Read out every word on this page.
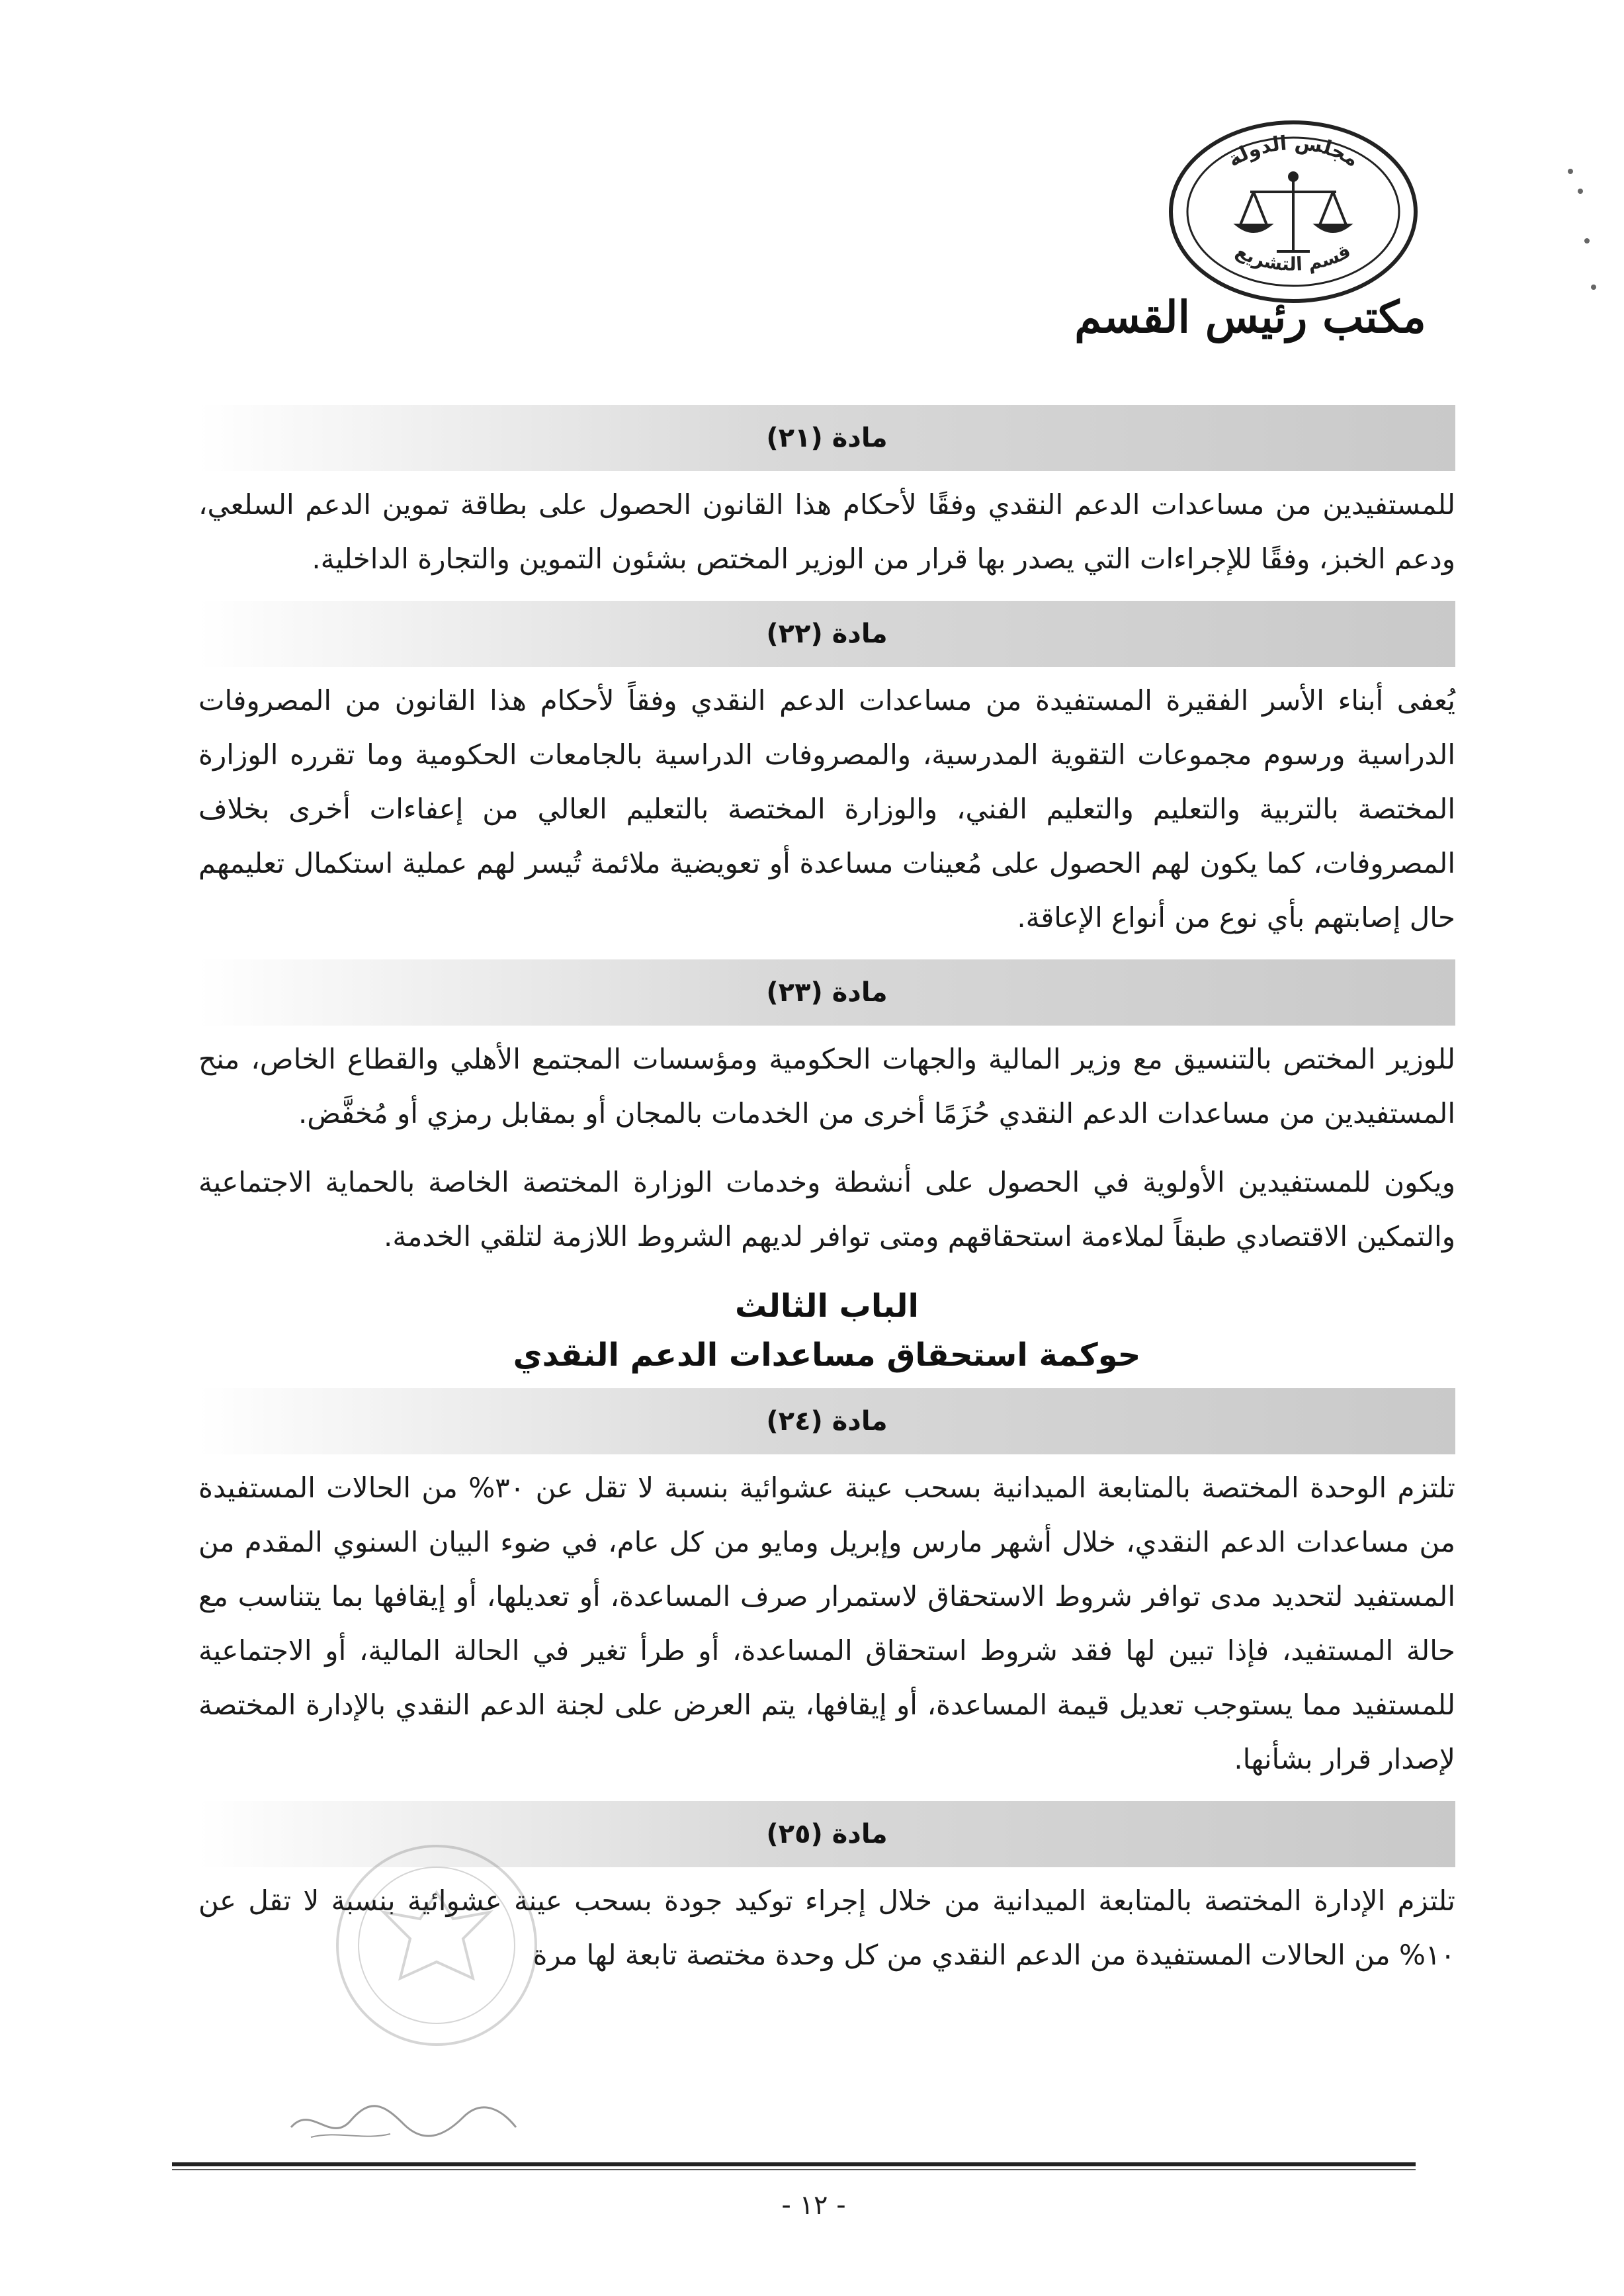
مجلس الدولة
قسم التشريع
مكتب رئيس القسم
مادة (٢١)

للمستفيدين من مساعدات الدعم النقدي وفقًا لأحكام هذا القانون الحصول على بطاقة تموين الدعم السلعي، ودعم الخبز، وفقًا للإجراءات التي يصدر بها قرار من الوزير المختص بشئون التموين والتجارة الداخلية.

مادة (٢٢)

يُعفى أبناء الأسر الفقيرة المستفيدة من مساعدات الدعم النقدي وفقاً لأحكام هذا القانون من المصروفات الدراسية ورسوم مجموعات التقوية المدرسية، والمصروفات الدراسية بالجامعات الحكومية وما تقرره الوزارة المختصة بالتربية والتعليم والتعليم الفني، والوزارة المختصة بالتعليم العالي من إعفاءات أخرى بخلاف المصروفات، كما يكون لهم الحصول على مُعينات مساعدة أو تعويضية ملائمة تُيسر لهم عملية استكمال تعليمهم حال إصابتهم بأي نوع من أنواع الإعاقة.

مادة (٢٣)

للوزير المختص بالتنسيق مع وزير المالية والجهات الحكومية ومؤسسات المجتمع الأهلي والقطاع الخاص، منح المستفيدين من مساعدات الدعم النقدي حُزَمًا أخرى من الخدمات بالمجان أو بمقابل رمزي أو مُخفَّض.

ويكون للمستفيدين الأولوية في الحصول على أنشطة وخدمات الوزارة المختصة الخاصة بالحماية الاجتماعية والتمكين الاقتصادي طبقاً لملاءمة استحقاقهم ومتى توافر لديهم الشروط اللازمة لتلقي الخدمة.

الباب الثالث
حوكمة استحقاق مساعدات الدعم النقدي
مادة (٢٤)

تلتزم الوحدة المختصة بالمتابعة الميدانية بسحب عينة عشوائية بنسبة لا تقل عن ٣٠% من الحالات المستفيدة من مساعدات الدعم النقدي، خلال أشهر مارس وإبريل ومايو من كل عام، في ضوء البيان السنوي المقدم من المستفيد لتحديد مدى توافر شروط الاستحقاق لاستمرار صرف المساعدة، أو تعديلها، أو إيقافها بما يتناسب مع حالة المستفيد، فإذا تبين لها فقد شروط استحقاق المساعدة، أو طرأ تغير في الحالة المالية، أو الاجتماعية للمستفيد مما يستوجب تعديل قيمة المساعدة، أو إيقافها، يتم العرض على لجنة الدعم النقدي بالإدارة المختصة لإصدار قرار بشأنها.

مادة (٢٥)

تلتزم الإدارة المختصة بالمتابعة الميدانية من خلال إجراء توكيد جودة بسحب عينة عشوائية بنسبة لا تقل عن ١٠% من الحالات المستفيدة من الدعم النقدي من كل وحدة مختصة تابعة لها مرة

- ١٢ -
